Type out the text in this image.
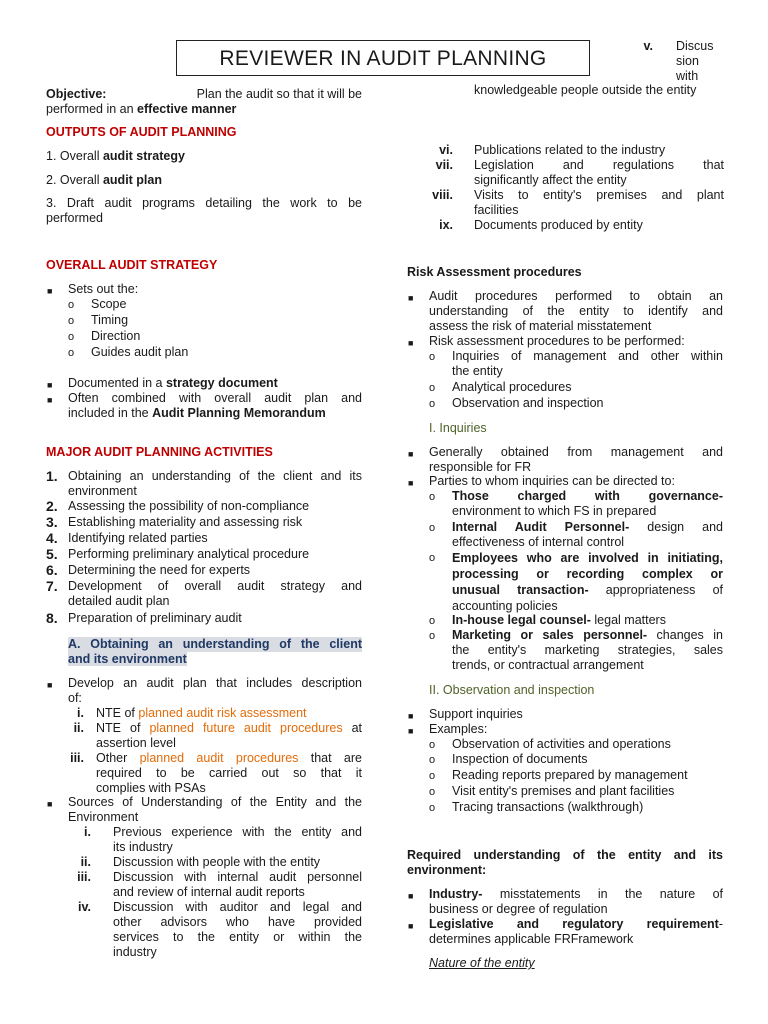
REVIEWER IN AUDIT PLANNING
Objective:	Plan the audit so that it will be
performed in an effective manner
OUTPUTS OF AUDIT PLANNING
1. Overall audit strategy
2. Overall audit plan
3. Draft audit programs detailing the work to be
performed
OVERALL AUDIT STRATEGY
■ Sets out the:
o Scope
o Timing
o Direction
o Guides audit plan
■ Documented in a strategy document
■ Often combined with overall audit plan and
included in the Audit Planning Memorandum
MAJOR AUDIT PLANNING ACTIVITIES
1. Obtaining an understanding of the client and its
environment
2. Assessing the possibility of non-compliance
3. Establishing materiality and assessing risk
4. Identifying related parties
5. Performing preliminary analytical procedure
6. Determining the need for experts
7. Development of overall audit strategy and
detailed audit plan
8. Preparation of preliminary audit
A. Obtaining an understanding of the client
and its environment
■ Develop an audit plan that includes description
of:
i. NTE of planned audit risk assessment
ii. NTE of planned future audit procedures at
assertion level
iii. Other planned audit procedures that are
required to be carried out so that it
complies with PSAs
■ Sources of Understanding of the Entity and the
Environment
i. Previous experience with the entity and
its industry
ii. Discussion with people with the entity
iii. Discussion with internal audit personnel
and review of internal audit reports
iv. Discussion with auditor and legal and
other advisors who have provided
services to the entity or within the
industry
v. Discus
sion
with
knowledgeable people outside the entity
vi. Publications related to the industry
vii. Legislation and regulations that
significantly affect the entity
viii. Visits to entity's premises and plant
facilities
ix. Documents produced by entity
Risk Assessment procedures
■ Audit procedures performed to obtain an
understanding of the entity to identify and
assess the risk of material misstatement
■ Risk assessment procedures to be performed:
o Inquiries of management and other within
the entity
o Analytical procedures
o Observation and inspection
I. Inquiries
■ Generally obtained from management and
responsible for FR
■ Parties to whom inquiries can be directed to:
o Those charged with governance-
environment to which FS in prepared
o Internal Audit Personnel- design and
effectiveness of internal control
o Employees who are involved in initiating,
processing or recording complex or
unusual transaction- appropriateness of
accounting policies
o In-house legal counsel- legal matters
o Marketing or sales personnel- changes in
the entity's marketing strategies, sales
trends, or contractual arrangement
II. Observation and inspection
■ Support inquiries
■ Examples:
o Observation of activities and operations
o Inspection of documents
o Reading reports prepared by management
o Visit entity's premises and plant facilities
o Tracing transactions (walkthrough)
Required understanding of the entity and its
environment:
■ Industry- misstatements in the nature of
business or degree of regulation
■ Legislative and regulatory requirement-
determines applicable FRFramework
Nature of the entity
